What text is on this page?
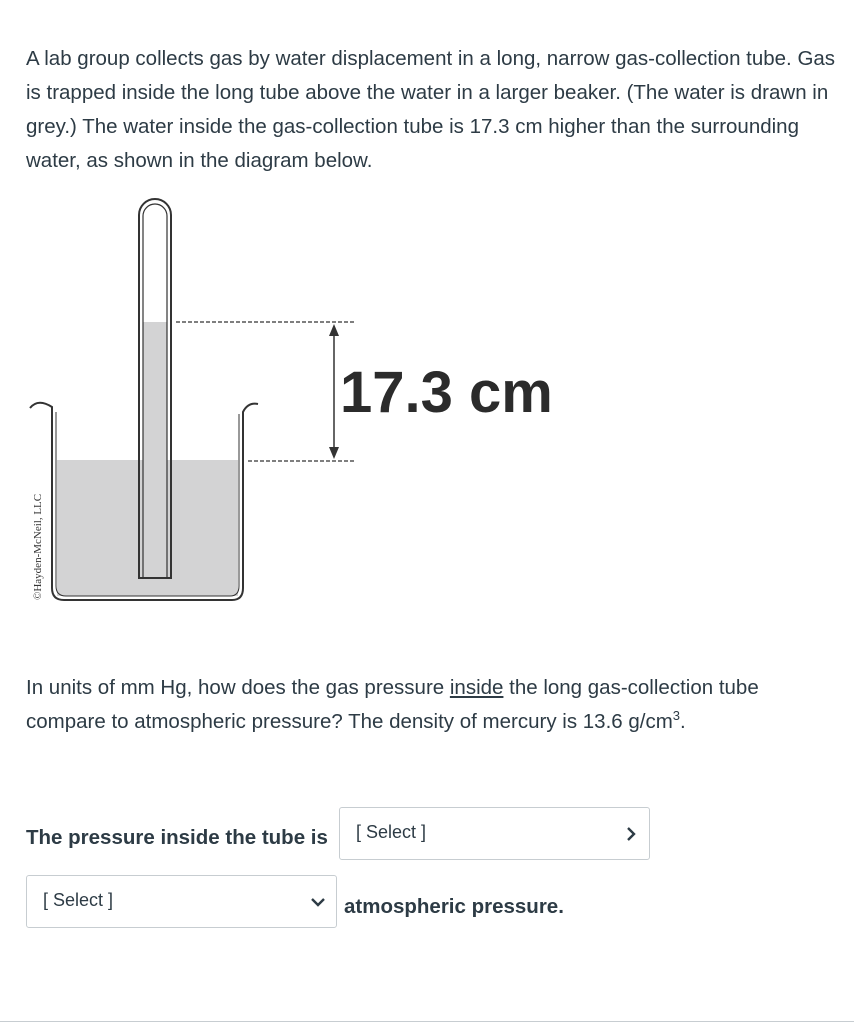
A lab group collects gas by water displacement in a long, narrow gas-collection tube. Gas is trapped inside the long tube above the water in a larger beaker. (The water is drawn in grey.) The water inside the gas-collection tube is 17.3 cm higher than the surrounding water, as shown in the diagram below.

17.3 cm
©Hayden-McNeil, LLC

In units of mm Hg, how does the gas pressure inside the long gas-collection tube compare to atmospheric pressure? The density of mercury is 13.6 $g/cm^3$.

The pressure inside the tube is [ Select ]
[ Select ]	atmospheric pressure.
